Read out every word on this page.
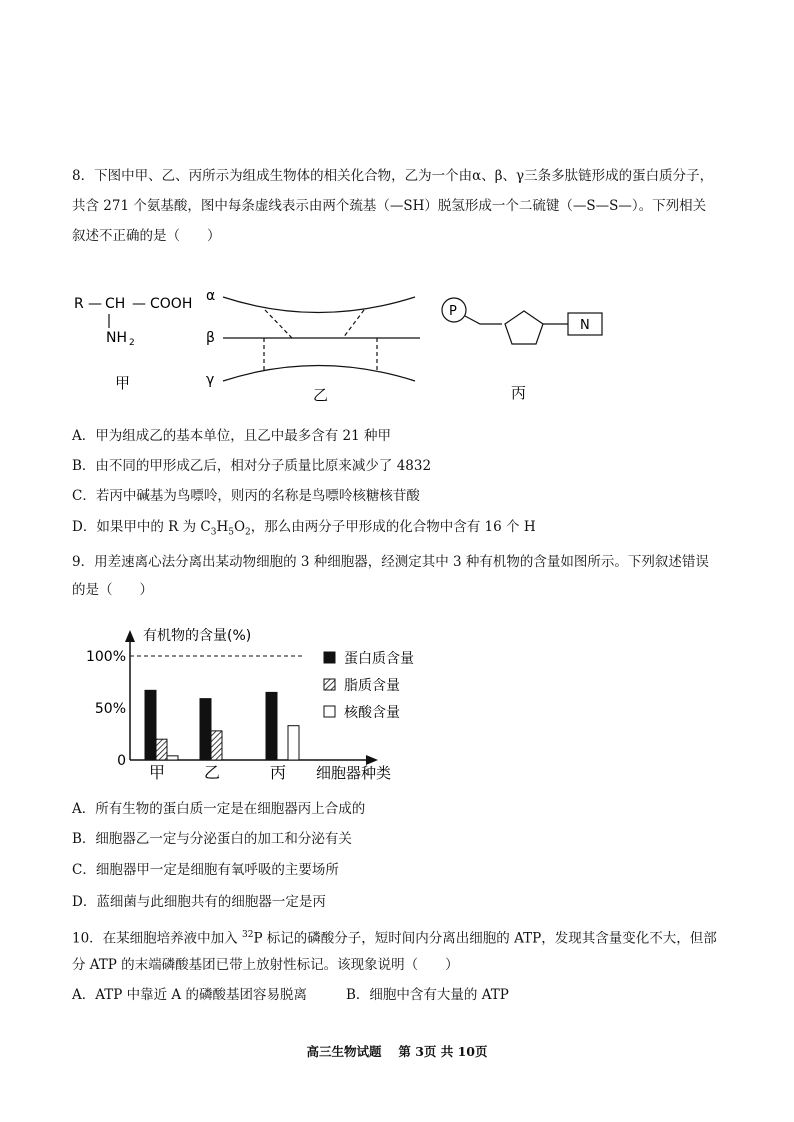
8．下图中甲、乙、丙所示为组成生物体的相关化合物，乙为一个由α、β、γ三条多肽链形成的蛋白质分子，
共含 271 个氨基酸，图中每条虚线表示由两个巯基（—SH）脱氢形成一个二硫键（—S—S—）。下列相关
叙述不正确的是（　　）
R — CH — COOH
NH 2
甲
α
β
γ
乙
P
N
丙
A．甲为组成乙的基本单位，且乙中最多含有 21 种甲
B．由不同的甲形成乙后，相对分子质量比原来减少了 4832
C．若丙中碱基为鸟嘌呤，则丙的名称是鸟嘌呤核糖核苷酸
D．如果甲中的 R 为 $C_3H_5O_2$，那么由两分子甲形成的化合物中含有 16 个 H
9．用差速离心法分离出某动物细胞的 3 种细胞器，经测定其中 3 种有机物的含量如图所示。下列叙述错误
的是（　　）
甲 乙	丙
0
50%
100%
有机物的含量(%)
细胞器种类
蛋白质含量
脂质含量
核酸含量
A．所有生物的蛋白质一定是在细胞器丙上合成的
B．细胞器乙一定与分泌蛋白的加工和分泌有关
C．细胞器甲一定是细胞有氧呼吸的主要场所
D．蓝细菌与此细胞共有的细胞器一定是丙
10．在某细胞培养液中加入 $^{32}$P 标记的磷酸分子，短时间内分离出细胞的 ATP，发现其含量变化不大，但部
分 ATP 的末端磷酸基团已带上放射性标记。该现象说明（　　）
A．ATP 中靠近 A 的磷酸基团容易脱离	B．细胞中含有大量的 ATP
高三生物试题　 第 3页 共 10页
